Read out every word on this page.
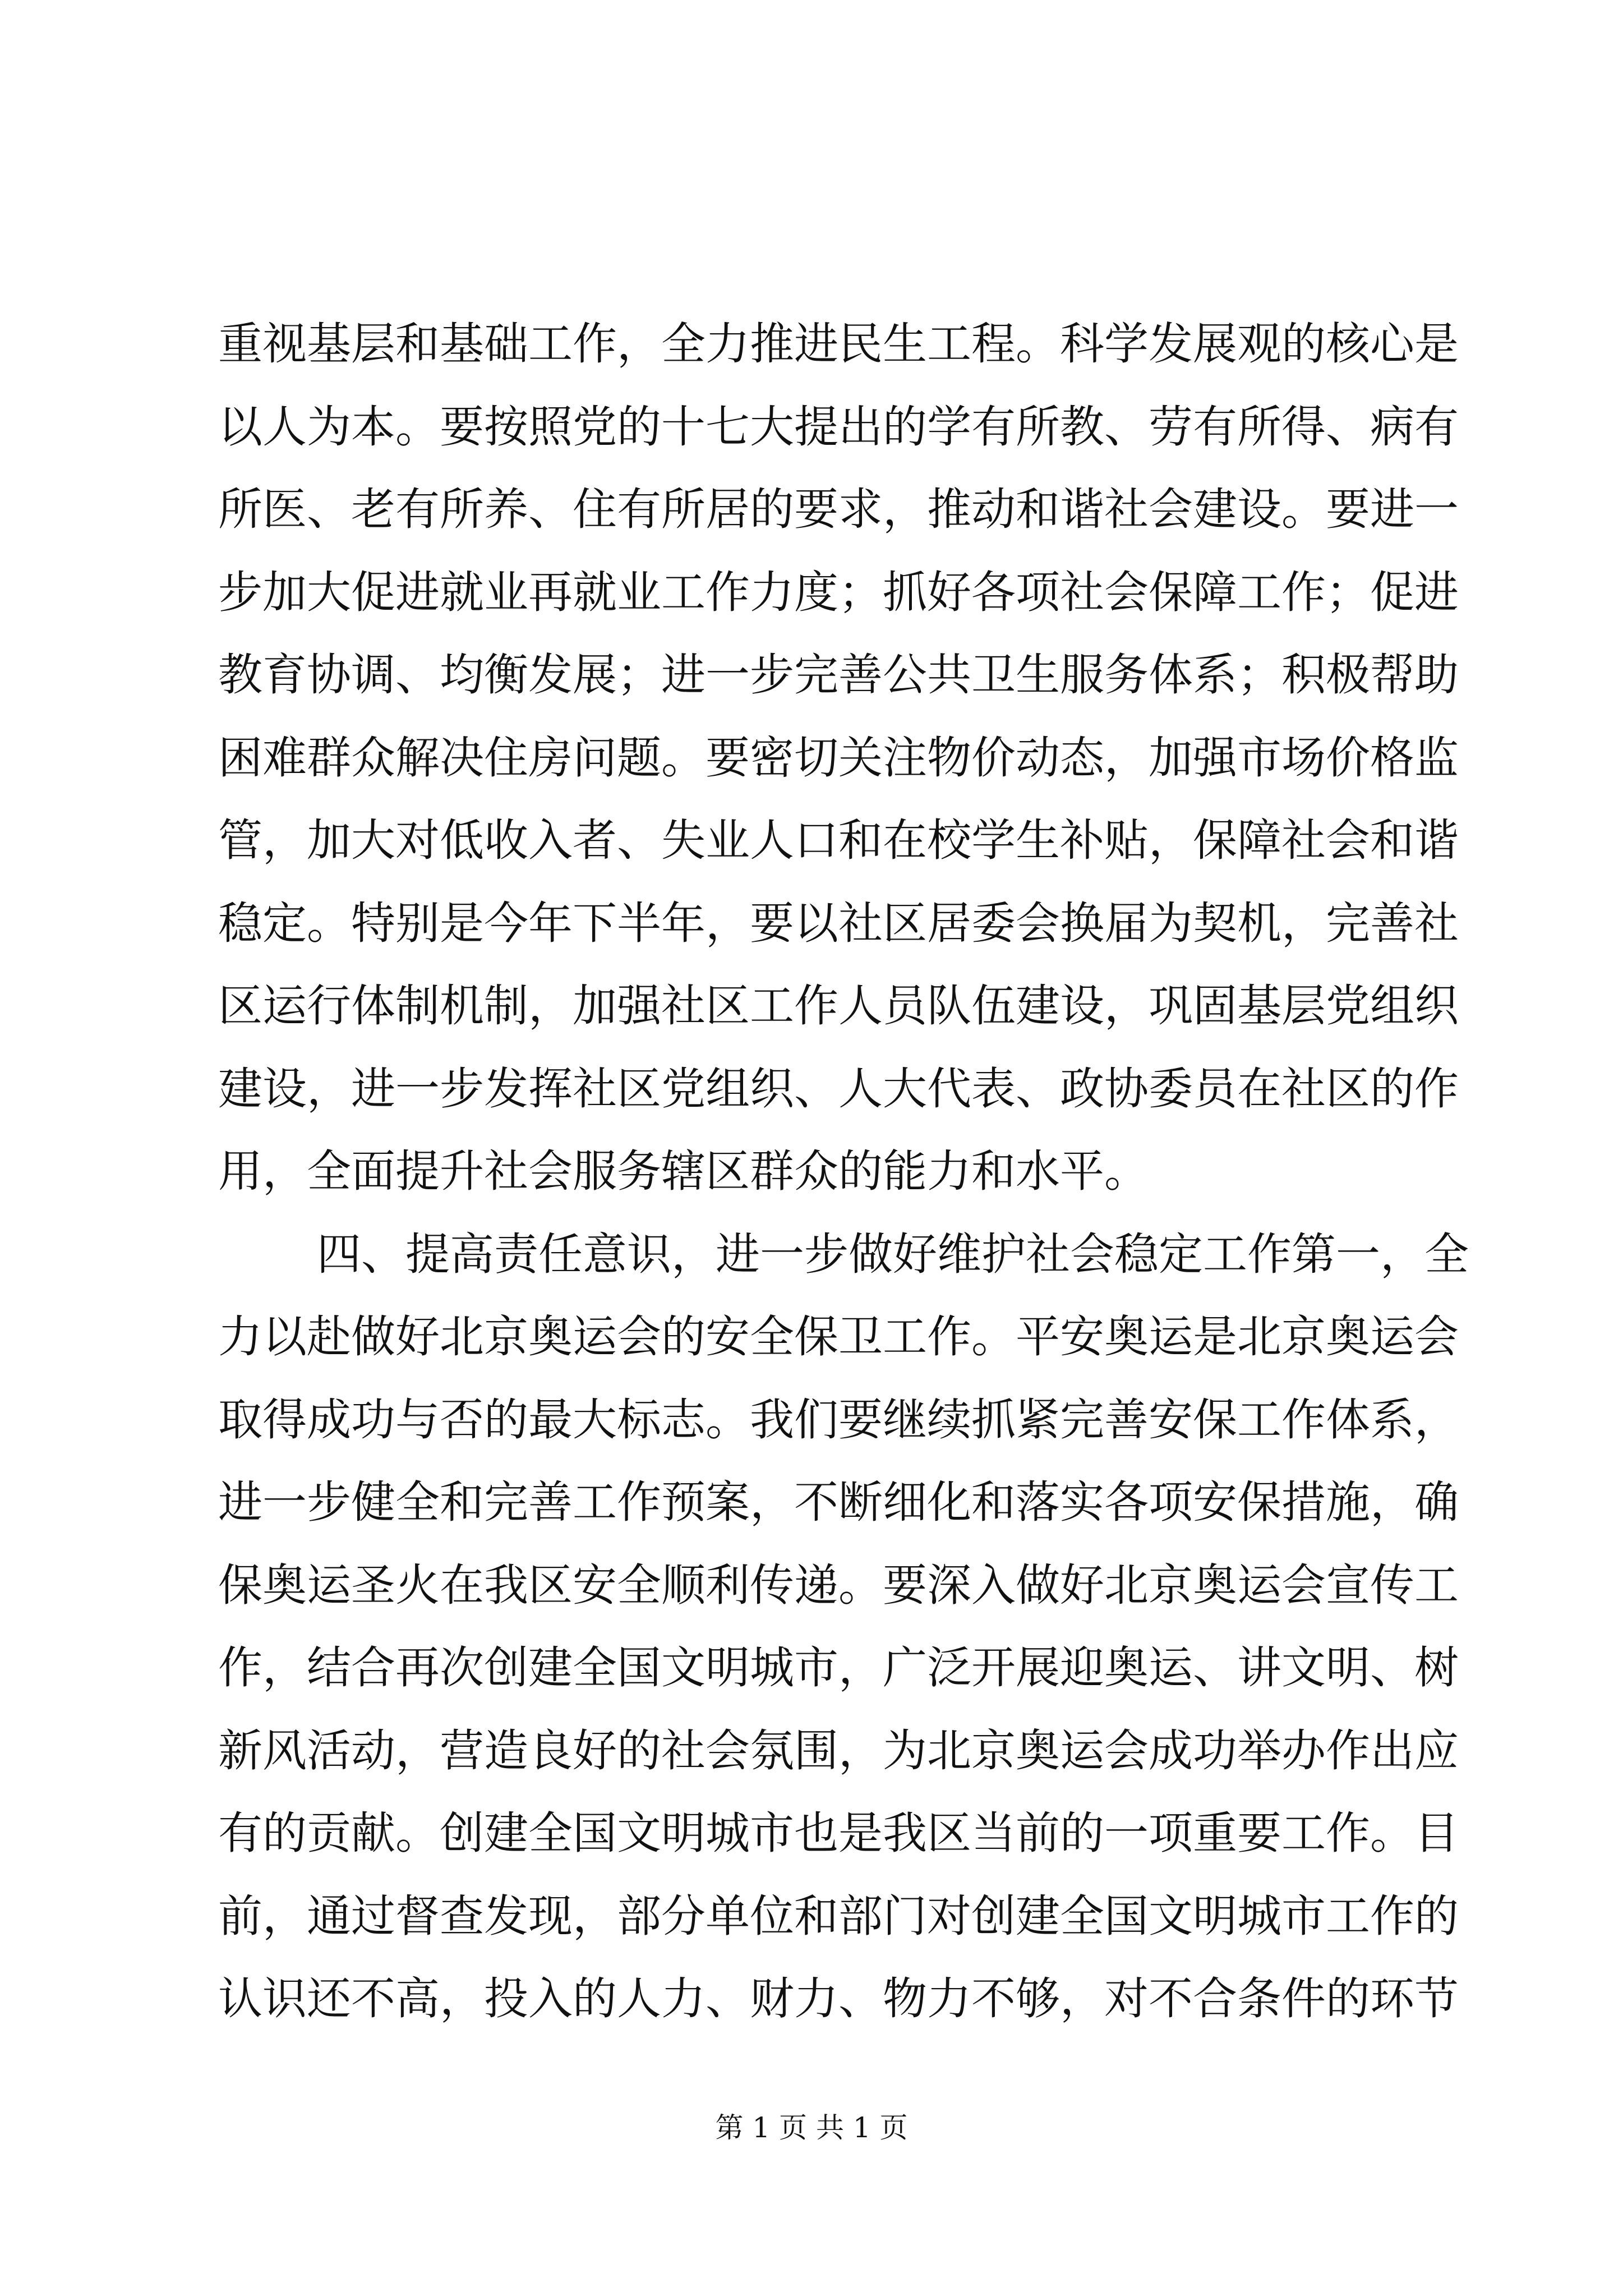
重视基层和基础工作，全力推进民生工程。科学发展观的核心是
以人为本。要按照党的十七大提出的学有所教、劳有所得、病有
所医、老有所养、住有所居的要求，推动和谐社会建设。要进一
步加大促进就业再就业工作力度；抓好各项社会保障工作；促进
教育协调、均衡发展；进一步完善公共卫生服务体系；积极帮助
困难群众解决住房问题。要密切关注物价动态，加强市场价格监
管，加大对低收入者、失业人口和在校学生补贴，保障社会和谐
稳定。特别是今年下半年，要以社区居委会换届为契机，完善社
区运行体制机制，加强社区工作人员队伍建设，巩固基层党组织
建设，进一步发挥社区党组织、人大代表、政协委员在社区的作
用，全面提升社会服务辖区群众的能力和水平。
四、提高责任意识，进一步做好维护社会稳定工作第一，全
力以赴做好北京奥运会的安全保卫工作。平安奥运是北京奥运会
取得成功与否的最大标志。我们要继续抓紧完善安保工作体系，
进一步健全和完善工作预案，不断细化和落实各项安保措施，确
保奥运圣火在我区安全顺利传递。要深入做好北京奥运会宣传工
作，结合再次创建全国文明城市，广泛开展迎奥运、讲文明、树
新风活动，营造良好的社会氛围，为北京奥运会成功举办作出应
有的贡献。创建全国文明城市也是我区当前的一项重要工作。目
前，通过督查发现，部分单位和部门对创建全国文明城市工作的
认识还不高，投入的人力、财力、物力不够，对不合条件的环节
第 1 页 共 1 页
